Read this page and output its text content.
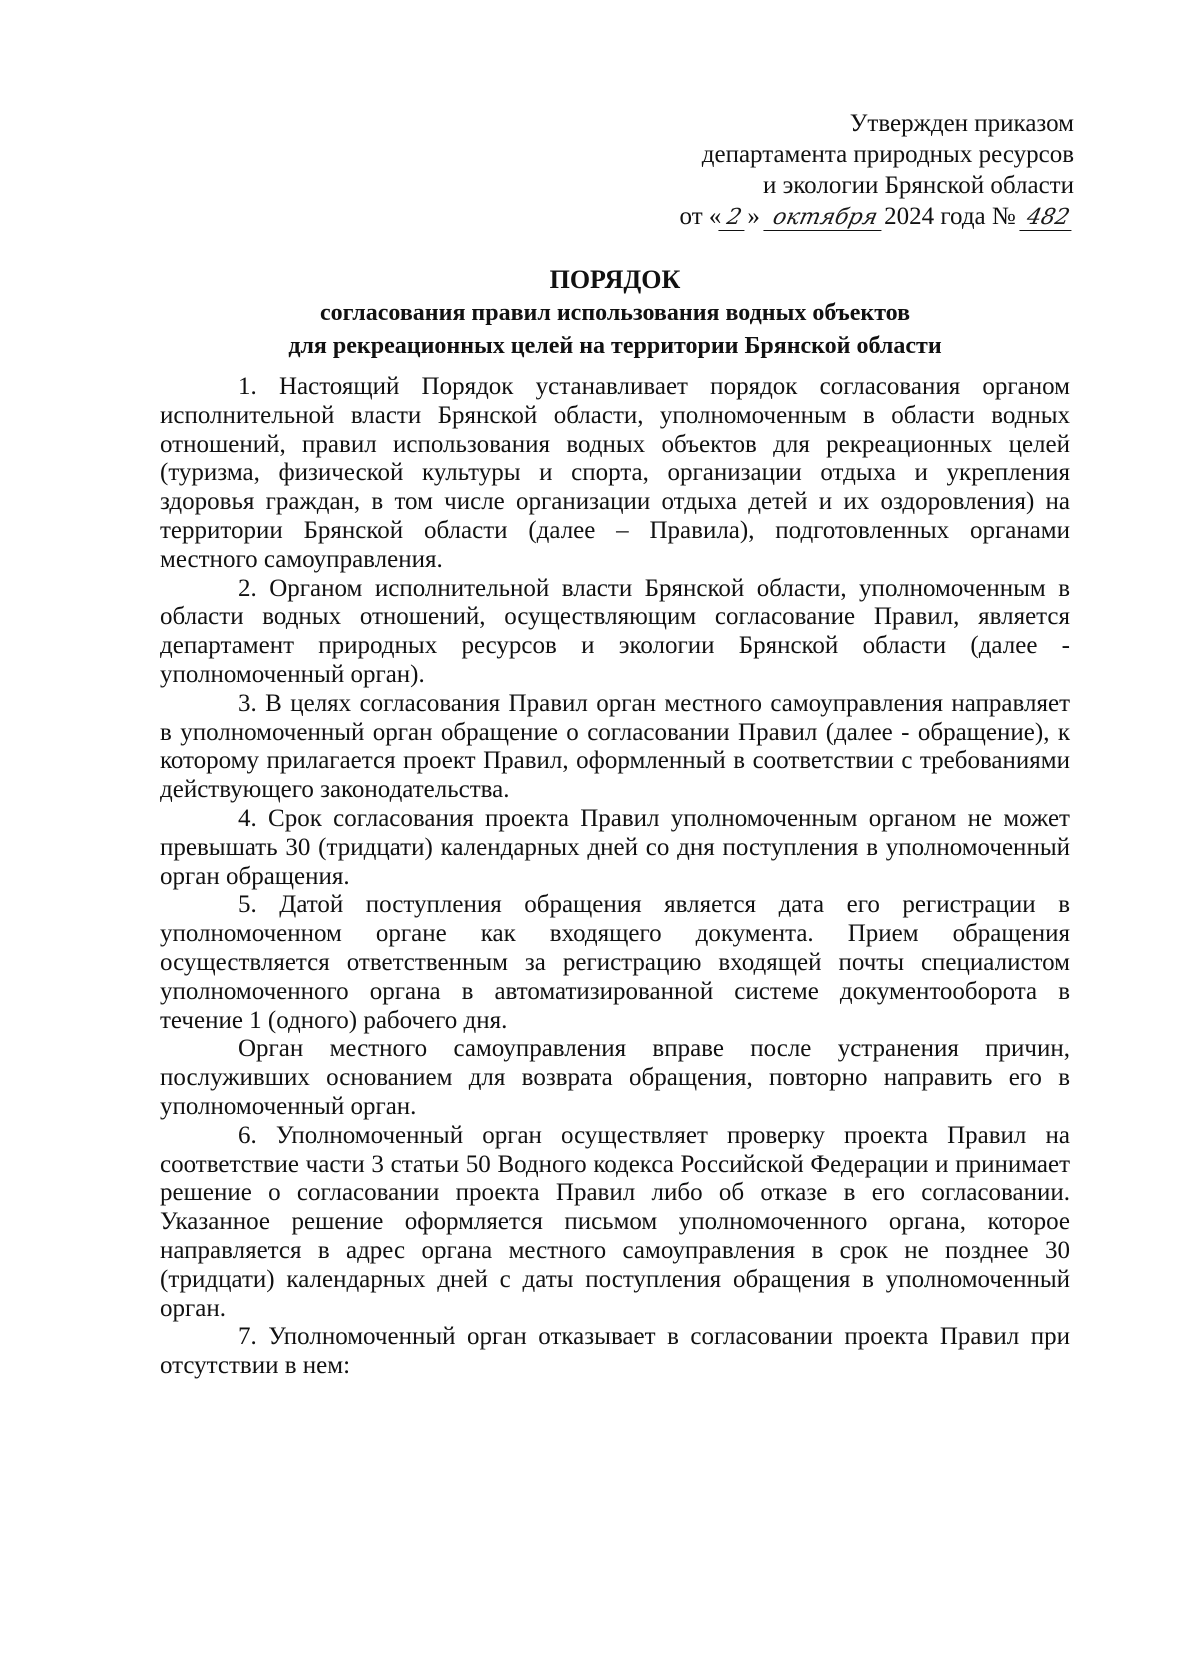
Утвержден приказом
департамента природных ресурсов
и экологии Брянской области
от « 2 » октября 2024 года № 482
ПОРЯДОК
согласования правил использования водных объектов
для рекреационных целей на территории Брянской области

1. Настоящий Порядок устанавливает порядок согласования органом исполнительной власти Брянской области, уполномоченным в области водных отношений, правил использования водных объектов для рекреационных целей (туризма, физической культуры и спорта, организации отдыха и укрепления здоровья граждан, в том числе организации отдыха детей и их оздоровления) на территории Брянской области (далее – Правила), подготовленных органами местного самоуправления.

2. Органом исполнительной власти Брянской области, уполномоченным в области водных отношений, осуществляющим согласование Правил, является департамент природных ресурсов и экологии Брянской области (далее - уполномоченный орган).

3. В целях согласования Правил орган местного самоуправления направляет в уполномоченный орган обращение о согласовании Правил (далее - обращение), к которому прилагается проект Правил, оформленный в соответствии с требованиями действующего законодательства.

4. Срок согласования проекта Правил уполномоченным органом не может превышать 30 (тридцати) календарных дней со дня поступления в уполномоченный орган обращения.

5. Датой поступления обращения является дата его регистрации в уполномоченном органе как входящего документа. Прием обращения осуществляется ответственным за регистрацию входящей почты специалистом уполномоченного органа в автоматизированной системе документооборота в течение 1 (одного) рабочего дня.

Орган местного самоуправления вправе после устранения причин, послуживших основанием для возврата обращения, повторно направить его в уполномоченный орган.

6. Уполномоченный орган осуществляет проверку проекта Правил на соответствие части 3 статьи 50 Водного кодекса Российской Федерации и принимает решение о согласовании проекта Правил либо об отказе в его согласовании. Указанное решение оформляется письмом уполномоченного органа, которое направляется в адрес органа местного самоуправления в срок не позднее 30 (тридцати) календарных дней с даты поступления обращения в уполномоченный орган.

7. Уполномоченный орган отказывает в согласовании проекта Правил при отсутствии в нем:
